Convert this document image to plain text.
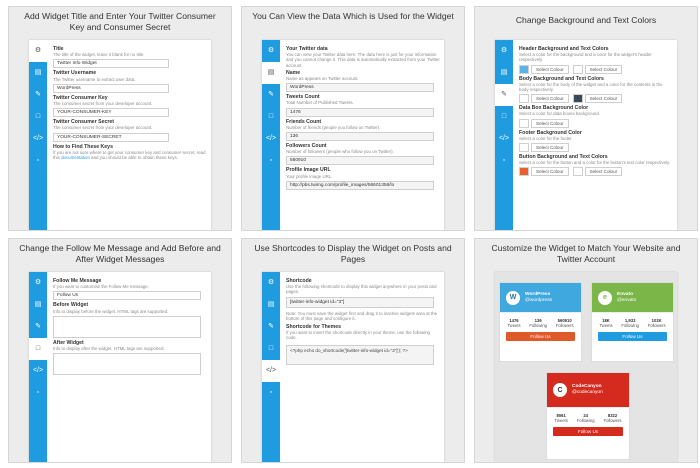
Add Widget Title and Enter Your Twitter Consumer Key and Consumer Secret
⚙
▤
✎
□
</>
▫
Title
The title of the widget, leave it blank for no title.
Twitter Info Widget
Twitter Username
The Twitter username to extract user data.
WordPress
Twitter Consumer Key
The consumer secret from your developer account.
YOUR-CONSUMER-KEY
Twitter Consumer Secret
The consumer secret from your developer account.
YOUR-CONSUMER-SECRET
How to Find These Keys
If you are not sure where to get your consumer key and consumer secret, read this documentation and you should be able to obtain these keys.
You Can View the Data Which is Used for the Widget
⚙
▤
✎
□
</>
▫
Your Twitter data
You can view your Twitter data here. The data here is just for your information and you cannot change it. This data is automatically extracted from your Twitter account.
Name
Name as appears on Twitter account.
WordPress
Tweets Count
Total Number of Published Tweets.
1476
Friends Count
Number of friends (people you follow on Twitter).
136
Followers Count
Number of followers (people who follow you on Twitter).
560910
Profile Image URL
Your profile image URL.
http://pbs.twimg.com/profile_images/56601358/lo
Change Background and Text Colors
⚙
▤
✎
□
</>
▫
Header Background and Text Colors
Select a color for the background and a color for the widget's header respectively.
Select Colour	Select Colour
Body Background and Text Colors
Select a color for the body of the widget and a color for the contents in the body respectively.
Select Colour	Select Colour
Data Box Background Color
Select a color for data boxes background.
Select Colour
Footer Background Color
Select a color for the footer.
Select Colour
Button Background and Text Colors
Select a color for the button and a color for the button's text color respectively.
Select Colour	Select Colour
Change the Follow Me Message and Add Before and After Widget Messages
⚙
▤
✎
□
</>
▫
Follow Me Message
If you want to customise the Follow Me message.
Follow Us
Before Widget
Info to display before the widget. HTML tags are supported.
After Widget
Info to display after the widget. HTML tags are supported.
Use Shortcodes to Display the Widget on Posts and Pages
⚙
▤
✎
□
</>
▫
Shortcode
Use the following shortcode to display this widget anywhere in your posts and pages.
[twitter-info-widget id="3"]
Note: You must save the widget first and drag it to inactive widgets area at the bottom of this page and configure it.
Shortcode for Themes
If you want to insert the shortcode directly in your theme, use the following code.
<?php echo do_shortcode('[twitter-info-widget id="3"]'); ?>
Customize the Widget to Match Your Website and Twitter Account
W	WordPress
@wordpress
1476
Tweets
136
Following
560910
Followers
Follow Us
e	Envato
@envato
18K
Tweets
1,933
Following
102K
Followers
Follow Us
C	CodeCanyon
@codecanyon
8061
Tweets
24
Following
8322
Followers
Follow Us
